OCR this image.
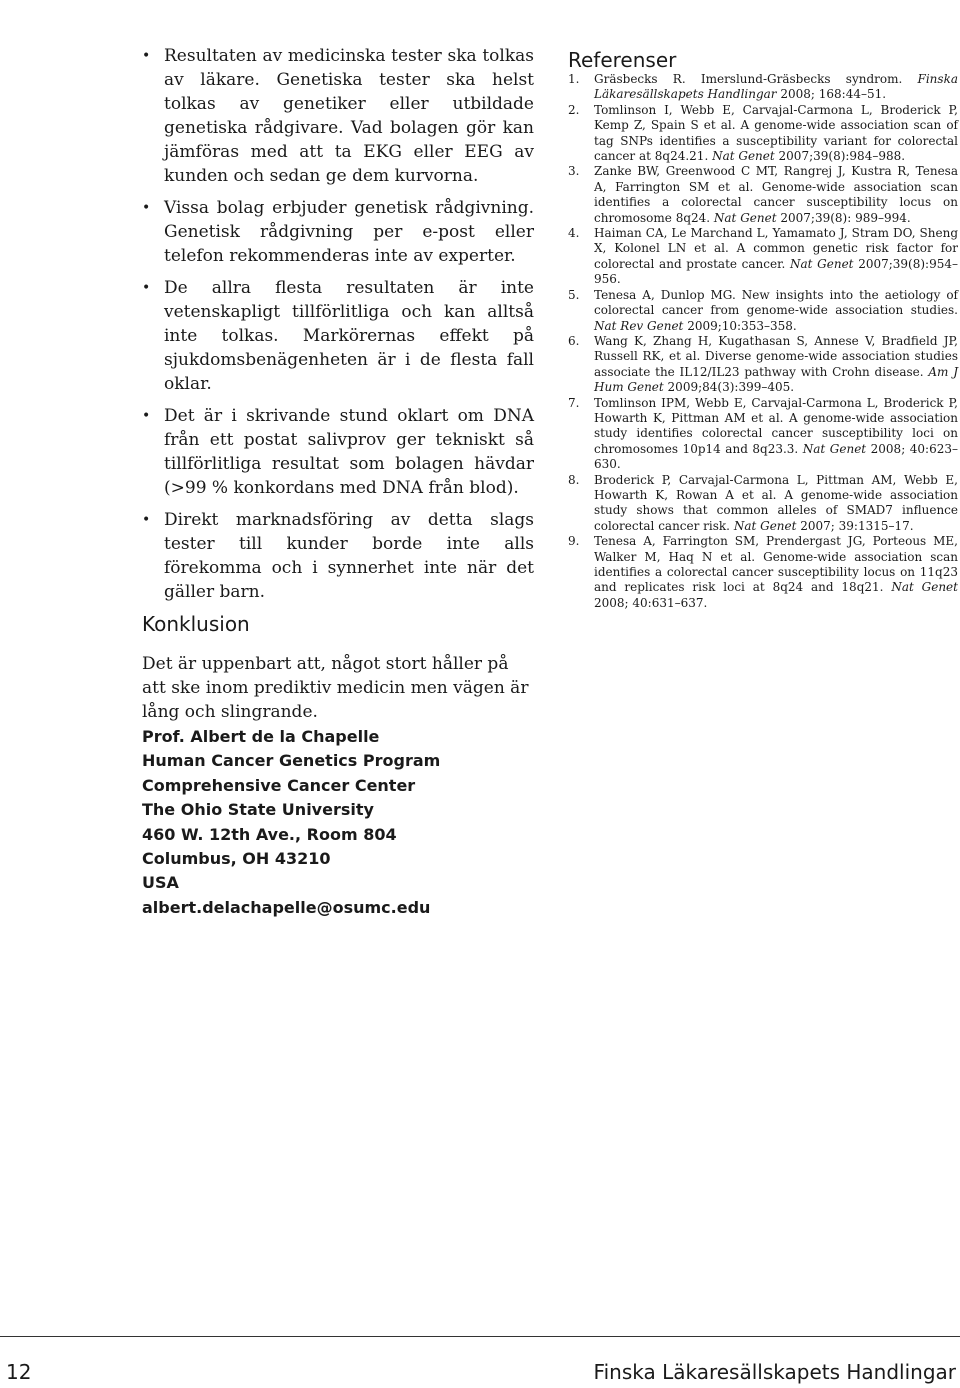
• Resultaten av medicinska tester ska tolkas av läkare. Genetiska tester ska helst tolkas av genetiker eller utbildade genetiska rådgivare. Vad bolagen gör kan jämföras med att ta EKG eller EEG av kunden och sedan ge dem kurvorna.
• Vissa bolag erbjuder genetisk rådgivning. Genetisk rådgivning per e-post eller telefon rekommenderas inte av experter.
• De allra flesta resultaten är inte vetenskapligt tillförlitliga och kan alltså inte tolkas. Markörernas effekt på sjukdomsbenägenheten är i de flesta fall oklar.
• Det är i skrivande stund oklart om DNA från ett postat salivprov ger tekniskt så tillförlitliga resultat som bolagen hävdar (>99 % konkordans med DNA från blod).
• Direkt marknadsföring av detta slags tester till kunder borde inte alls förekomma och i synnerhet inte när det gäller barn.
Konklusion

Det är uppenbart att, något stort håller på att ske inom prediktiv medicin men vägen är lång och slingrande.

Prof. Albert de la Chapelle
Human Cancer Genetics Program
Comprehensive Cancer Center
The Ohio State University
460 W. 12th Ave., Room 804
Columbus, OH 43210
USA
albert.delachapelle@osumc.edu
Referenser
1. Gräsbecks R. Imerslund-Gräsbecks syndrom. Finska Läkaresällskapets Handlingar 2008; 168:44–51.
2. Tomlinson I, Webb E, Carvajal-Carmona L, Broderick P, Kemp Z, Spain S et al. A genome-wide association scan of tag SNPs identifies a susceptibility variant for colorectal cancer at 8q24.21. Nat Genet 2007;39(8):984–988.
3. Zanke BW, Greenwood C MT, Rangrej J, Kustra R, Tenesa A, Farrington SM et al. Genome-wide association scan identifies a colorectal cancer susceptibility locus on chromosome 8q24. Nat Genet 2007;39(8): 989–994.
4. Haiman CA, Le Marchand L, Yamamato J, Stram DO, Sheng X, Kolonel LN et al. A common genetic risk factor for colorectal and prostate cancer. Nat Genet 2007;39(8):954–956.
5. Tenesa A, Dunlop MG. New insights into the aetiology of colorectal cancer from genome-wide association studies. Nat Rev Genet 2009;10:353–358.
6. Wang K, Zhang H, Kugathasan S, Annese V, Bradfield JP, Russell RK, et al. Diverse genome-wide association studies associate the IL12/IL23 pathway with Crohn disease. Am J Hum Genet 2009;84(3):399–405.
7. Tomlinson IPM, Webb E, Carvajal-Carmona L, Broderick P, Howarth K, Pittman AM et al. A genome-wide association study identifies colorectal cancer susceptibility loci on chromosomes 10p14 and 8q23.3. Nat Genet 2008; 40:623–630.
8. Broderick P, Carvajal-Carmona L, Pittman AM, Webb E, Howarth K, Rowan A et al. A genome-wide association study shows that common alleles of SMAD7 influence colorectal cancer risk. Nat Genet 2007; 39:1315–17.
9. Tenesa A, Farrington SM, Prendergast JG, Porteous ME, Walker M, Haq N et al. Genome-wide association scan identifies a colorectal cancer susceptibility locus on 11q23 and replicates risk loci at 8q24 and 18q21. Nat Genet 2008; 40:631–637.
12	Finska Läkaresällskapets Handlingar
